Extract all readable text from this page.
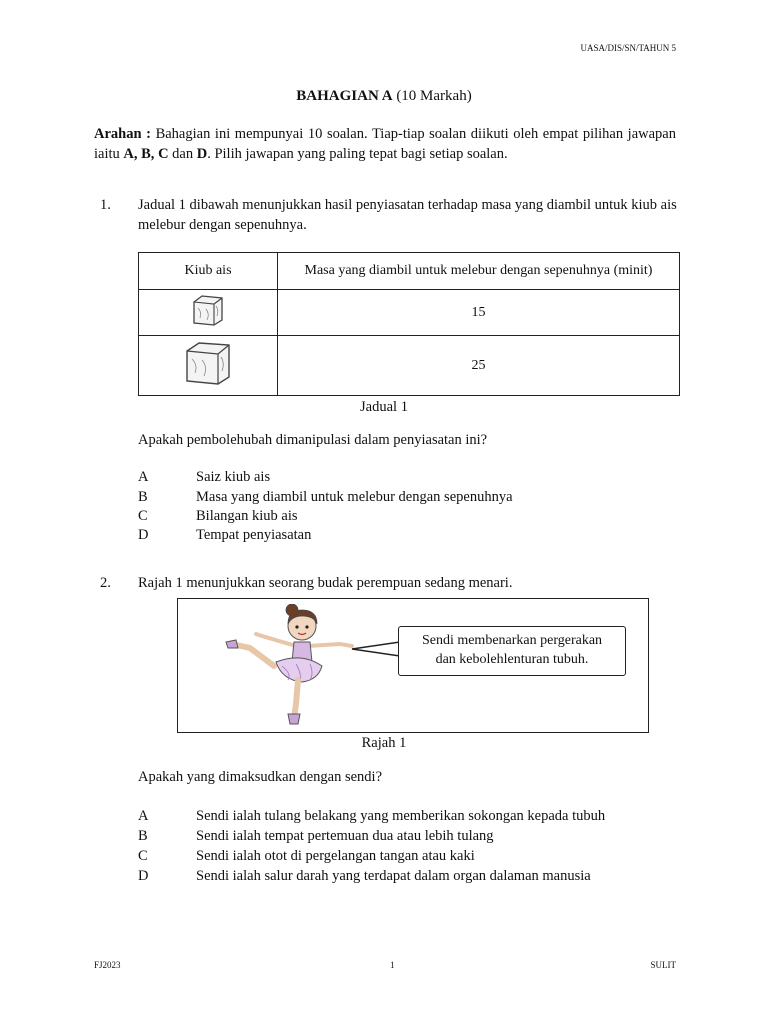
UASA/DIS/SN/TAHUN 5
BAHAGIAN A (10 Markah)
Arahan : Bahagian ini mempunyai 10 soalan. Tiap-tiap soalan diikuti oleh empat pilihan jawapan iaitu A, B, C dan D. Pilih jawapan yang paling tepat bagi setiap soalan.
1. Jadual 1 dibawah menunjukkan hasil penyiasatan terhadap masa yang diambil untuk kiub ais melebur dengan sepenuhnya.
Kiub ais	Masa yang diambil untuk melebur dengan sepenuhnya (minit)
	15
	25
Jadual 1
Apakah pembolehubah dimanipulasi dalam penyiasatan ini?
A	Saiz kiub ais
B	Masa yang diambil untuk melebur dengan sepenuhnya
C	Bilangan kiub ais
D	Tempat penyiasatan
2. Rajah 1 menunjukkan seorang budak perempuan sedang menari.
Sendi membenarkan pergerakan
dan kebolehlenturan tubuh.
Rajah 1
Apakah yang dimaksudkan dengan sendi?
A	Sendi ialah tulang belakang yang memberikan sokongan kepada tubuh
B	Sendi ialah tempat pertemuan dua atau lebih tulang
C	Sendi ialah otot di pergelangan tangan atau kaki
D	Sendi ialah salur darah yang terdapat dalam organ dalaman manusia
FJ2023	1	SULIT
